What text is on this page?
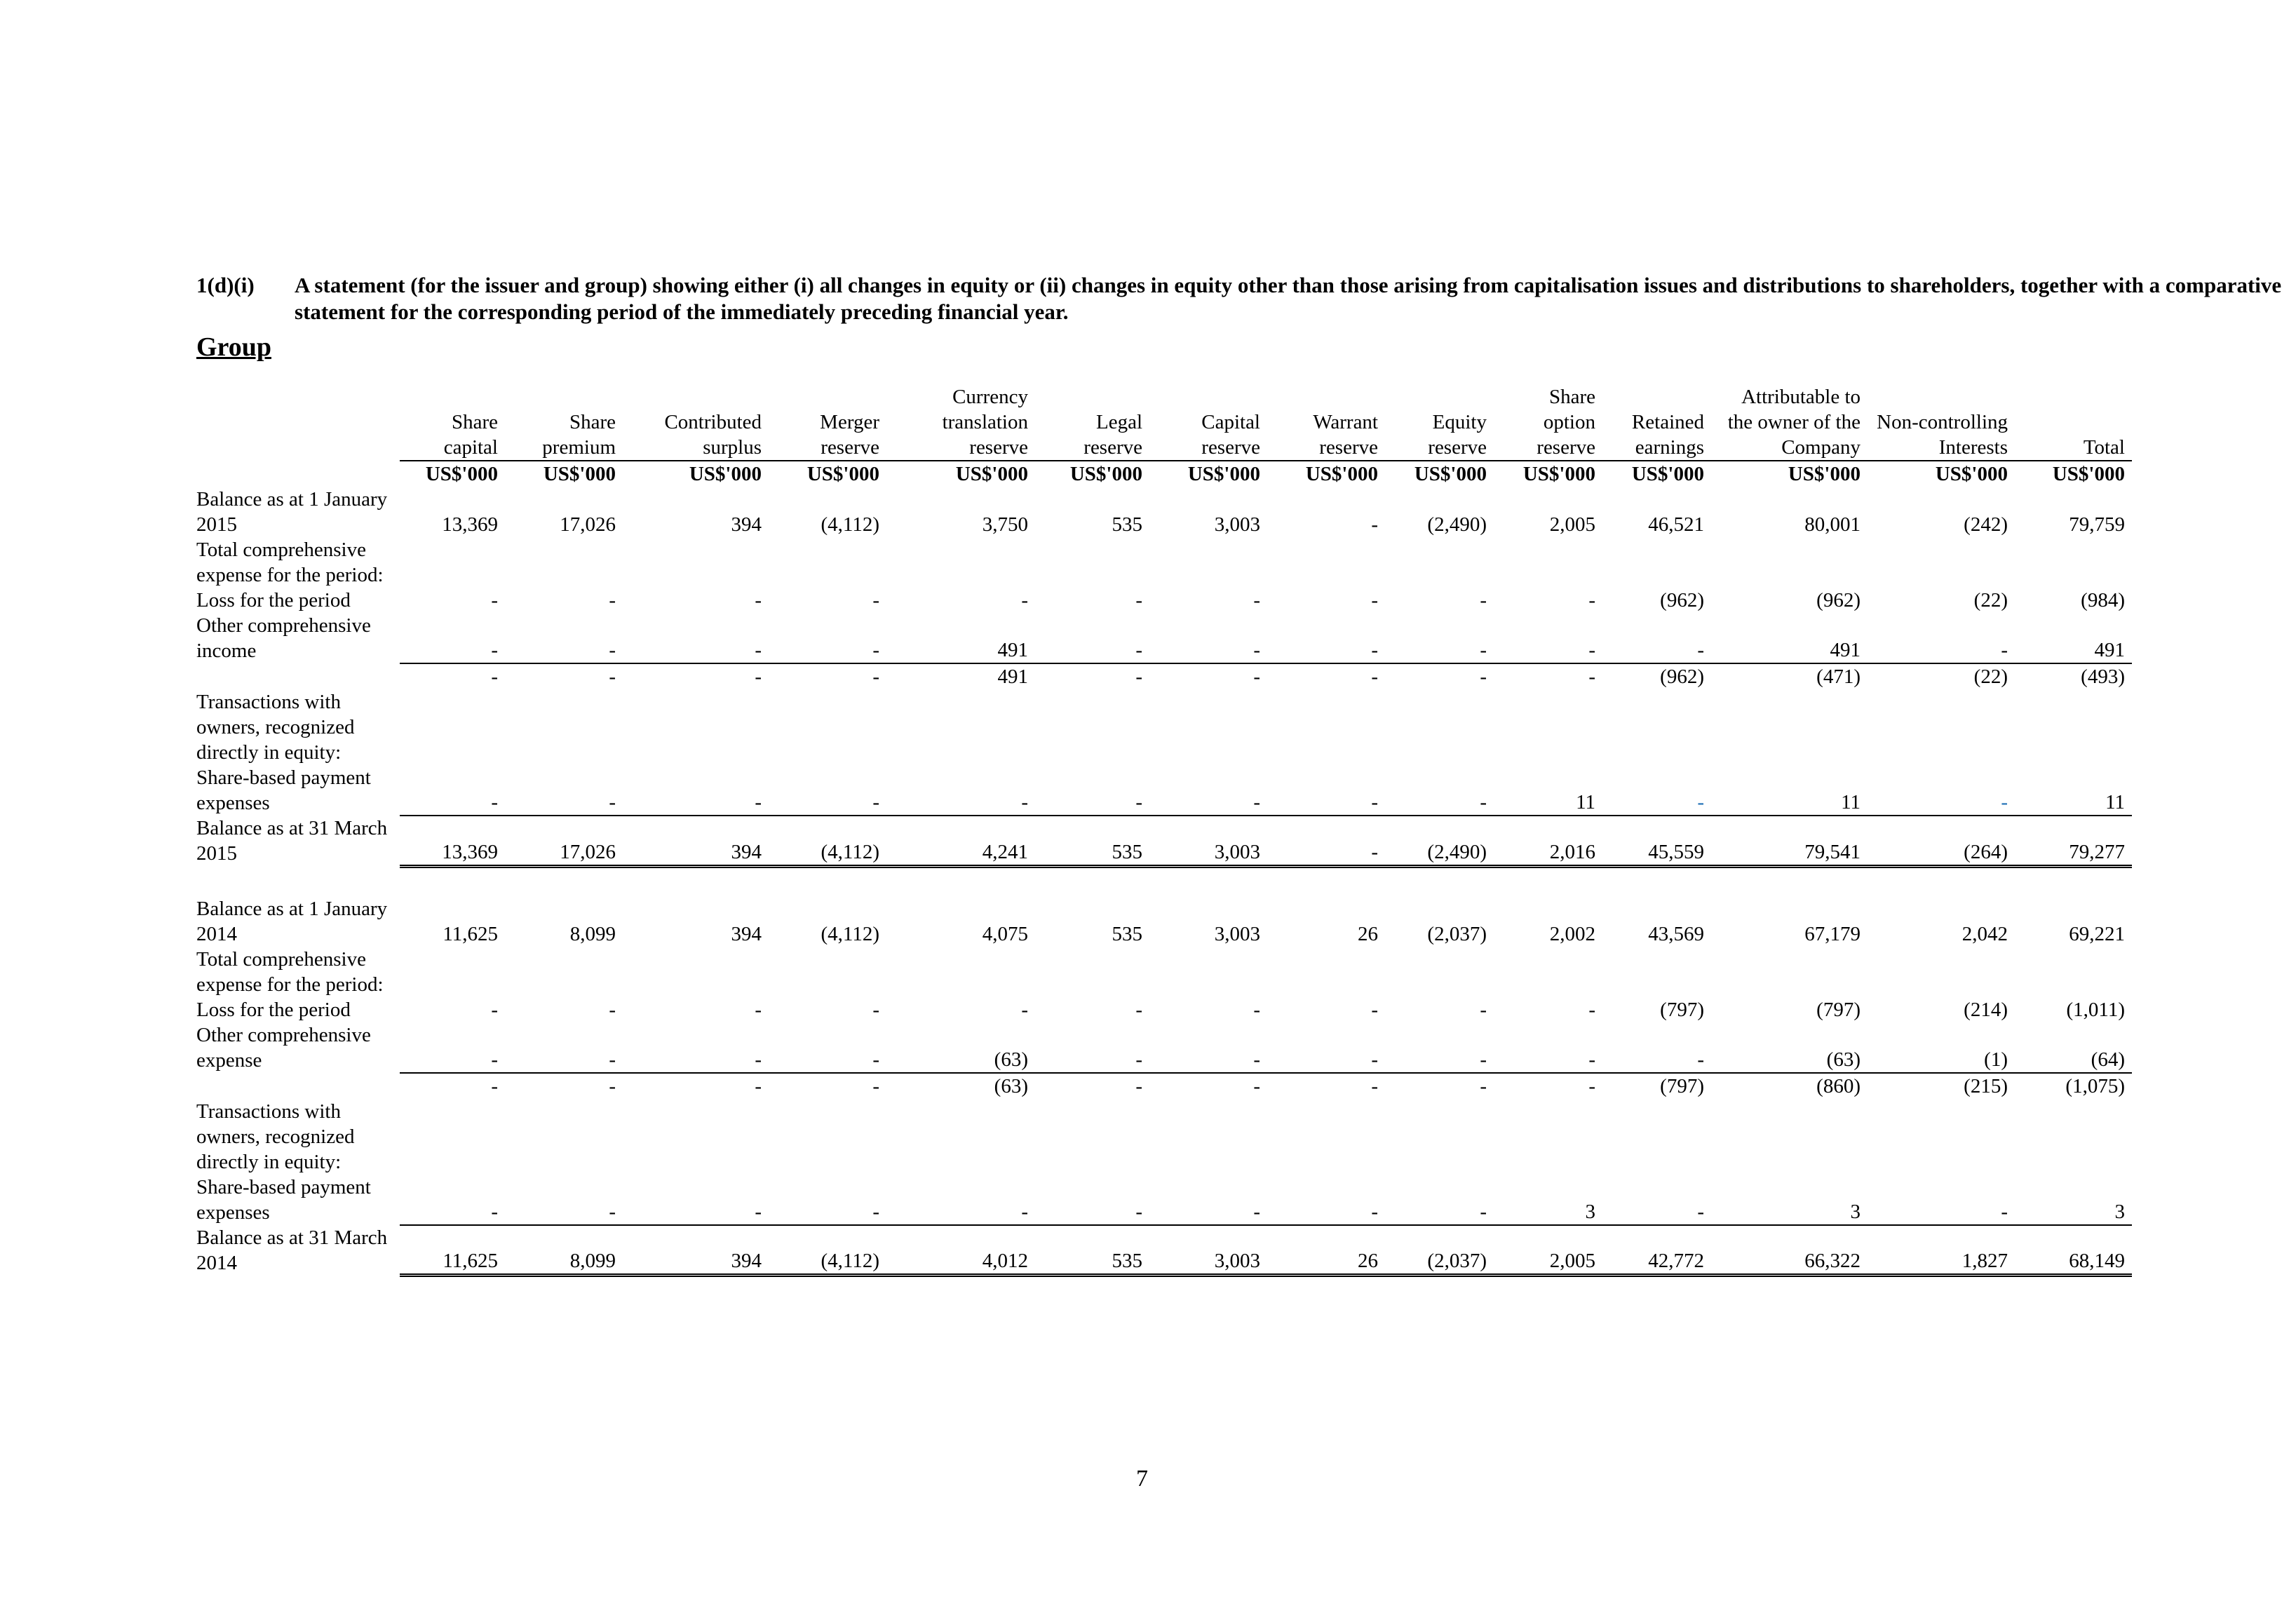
1(d)(i) A statement (for the issuer and group) showing either (i) all changes in equity or (ii) changes in equity other than those arising from capitalisation issues and distributions to shareholders, together with a comparative statement for the corresponding period of the immediately preceding financial year.
Group
	Share capital	Share premium	Contributed surplus	Merger reserve	Currency translation reserve	Legal reserve	Capital reserve	Warrant reserve	Equity reserve	Share option reserve	Retained earnings	Attributable to the owner of the Company	Non-controlling Interests	Total
	US$'000	US$'000	US$'000	US$'000	US$'000	US$'000	US$'000	US$'000	US$'000	US$'000	US$'000	US$'000	US$'000	US$'000
Balance as at 1 January 2015	13,369	17,026	394	(4,112)	3,750	535	3,003	-	(2,490)	2,005	46,521	80,001	(242)	79,759
Total comprehensive expense for the period:														
Loss for the period	-	-	-	-	-	-	-	-	-	-	(962)	(962)	(22)	(984)
Other comprehensive income	-	-	-	-	491	-	-	-	-	-	-	491	-	491
	-	-	-	-	491	-	-	-	-	-	(962)	(471)	(22)	(493)
Transactions with owners, recognized directly in equity:														
Share-based payment expenses	-	-	-	-	-	-	-	-	-	11	-	11	-	11
Balance as at 31 March 2015	13,369	17,026	394	(4,112)	4,241	535	3,003	-	(2,490)	2,016	45,559	79,541	(264)	79,277

Balance as at 1 January 2014	11,625	8,099	394	(4,112)	4,075	535	3,003	26	(2,037)	2,002	43,569	67,179	2,042	69,221
Total comprehensive expense for the period:														
Loss for the period	-	-	-	-	-	-	-	-	-	-	(797)	(797)	(214)	(1,011)
Other comprehensive expense	-	-	-	-	(63)	-	-	-	-	-	-	(63)	(1)	(64)
	-	-	-	-	(63)	-	-	-	-	-	(797)	(860)	(215)	(1,075)
Transactions with owners, recognized directly in equity:														
Share-based payment expenses	-	-	-	-	-	-	-	-	-	3	-	3	-	3
Balance as at 31 March 2014	11,625	8,099	394	(4,112)	4,012	535	3,003	26	(2,037)	2,005	42,772	66,322	1,827	68,149
7
